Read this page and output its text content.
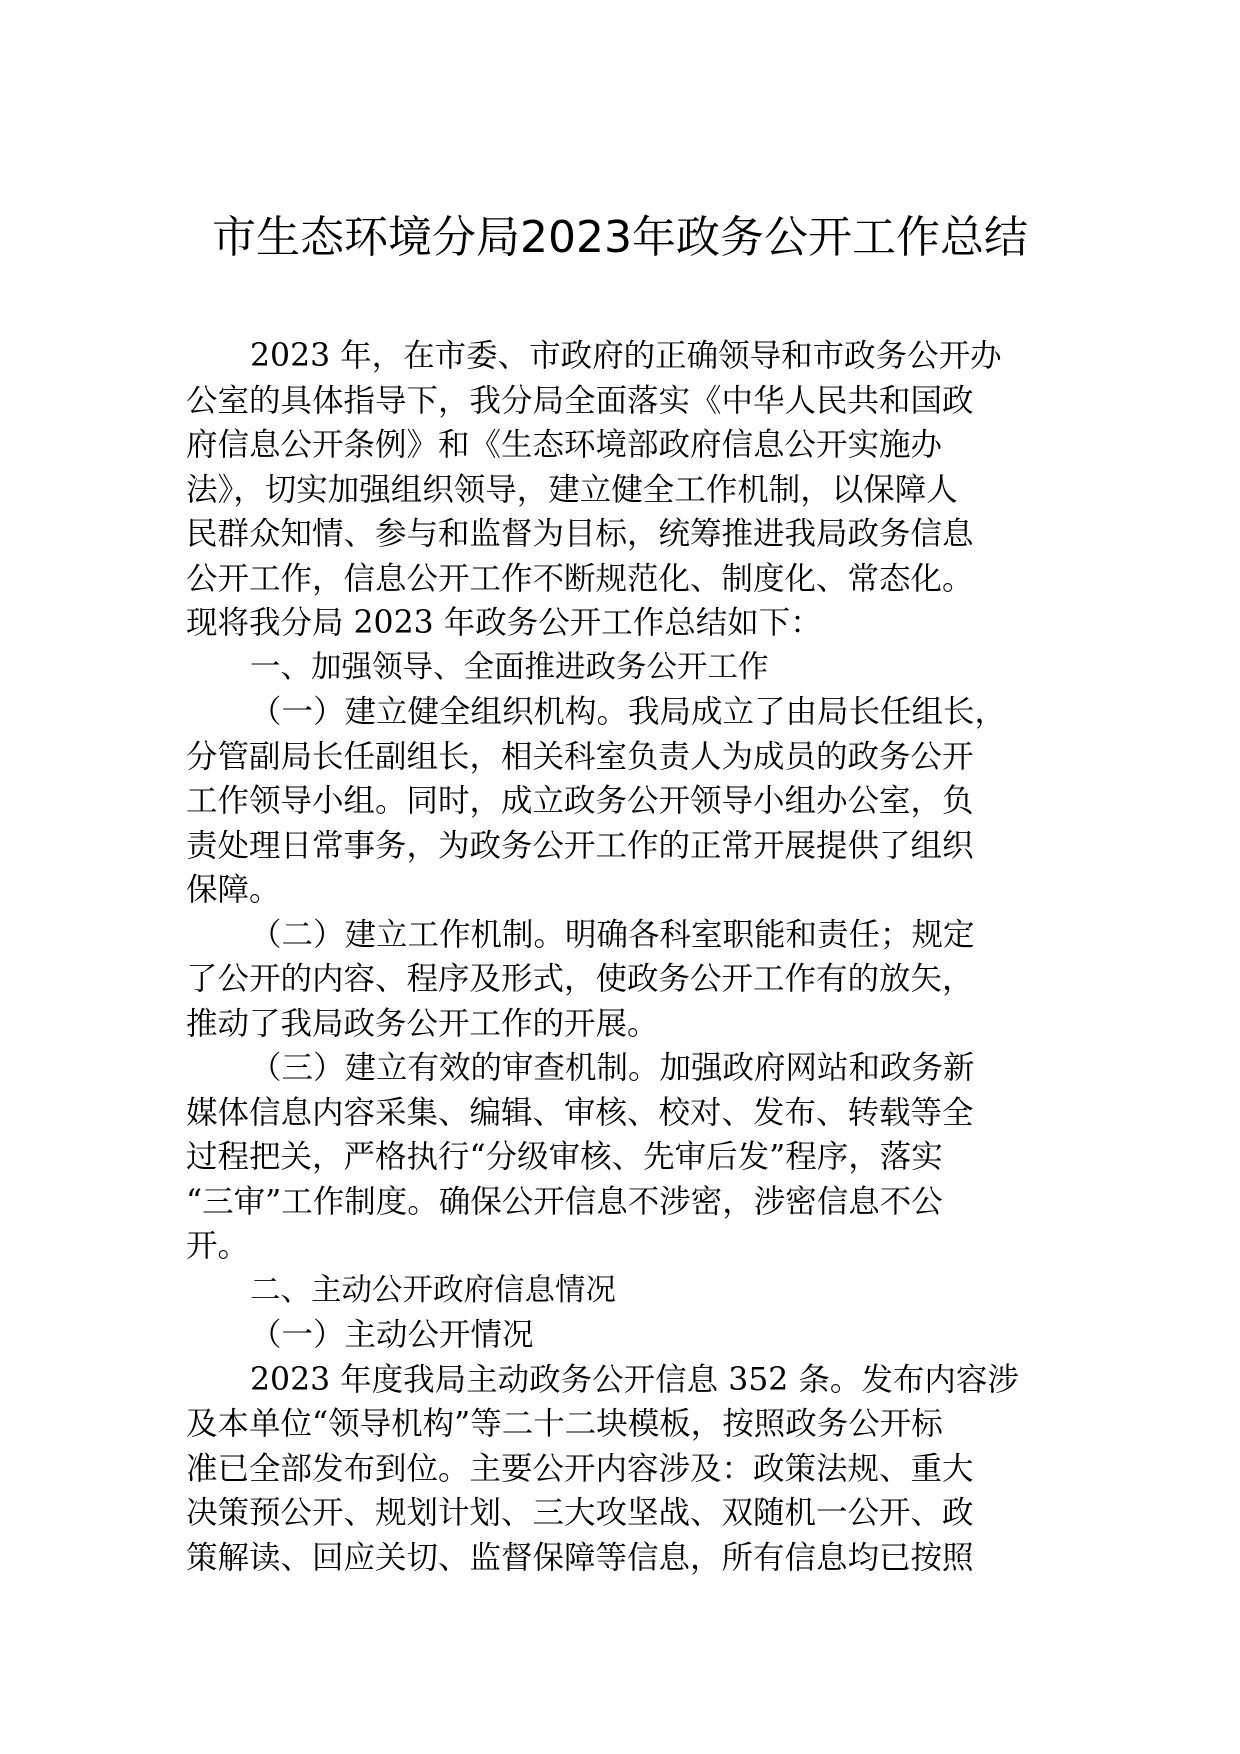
市生态环境分局2023年政务公开工作总结
2023 年，在市委、市政府的正确领导和市政务公开办
公室的具体指导下，我分局全面落实《中华人民共和国政
府信息公开条例》和《生态环境部政府信息公开实施办
法》，切实加强组织领导，建立健全工作机制，以保障人
民群众知情、参与和监督为目标，统筹推进我局政务信息
公开工作，信息公开工作不断规范化、制度化、常态化。
现将我分局 2023 年政务公开工作总结如下：
一、加强领导、全面推进政务公开工作
（一）建立健全组织机构。我局成立了由局长任组长，
分管副局长任副组长，相关科室负责人为成员的政务公开
工作领导小组。同时，成立政务公开领导小组办公室，负
责处理日常事务，为政务公开工作的正常开展提供了组织
保障。
（二）建立工作机制。明确各科室职能和责任；规定
了公开的内容、程序及形式，使政务公开工作有的放矢，
推动了我局政务公开工作的开展。
（三）建立有效的审查机制。加强政府网站和政务新
媒体信息内容采集、编辑、审核、校对、发布、转载等全
过程把关，严格执行“分级审核、先审后发”程序，落实
“三审”工作制度。确保公开信息不涉密，涉密信息不公
开。
二、主动公开政府信息情况
（一）主动公开情况
2023 年度我局主动政务公开信息 352 条。发布内容涉
及本单位“领导机构”等二十二块模板，按照政务公开标
准已全部发布到位。主要公开内容涉及：政策法规、重大
决策预公开、规划计划、三大攻坚战、双随机一公开、政
策解读、回应关切、监督保障等信息，所有信息均已按照
